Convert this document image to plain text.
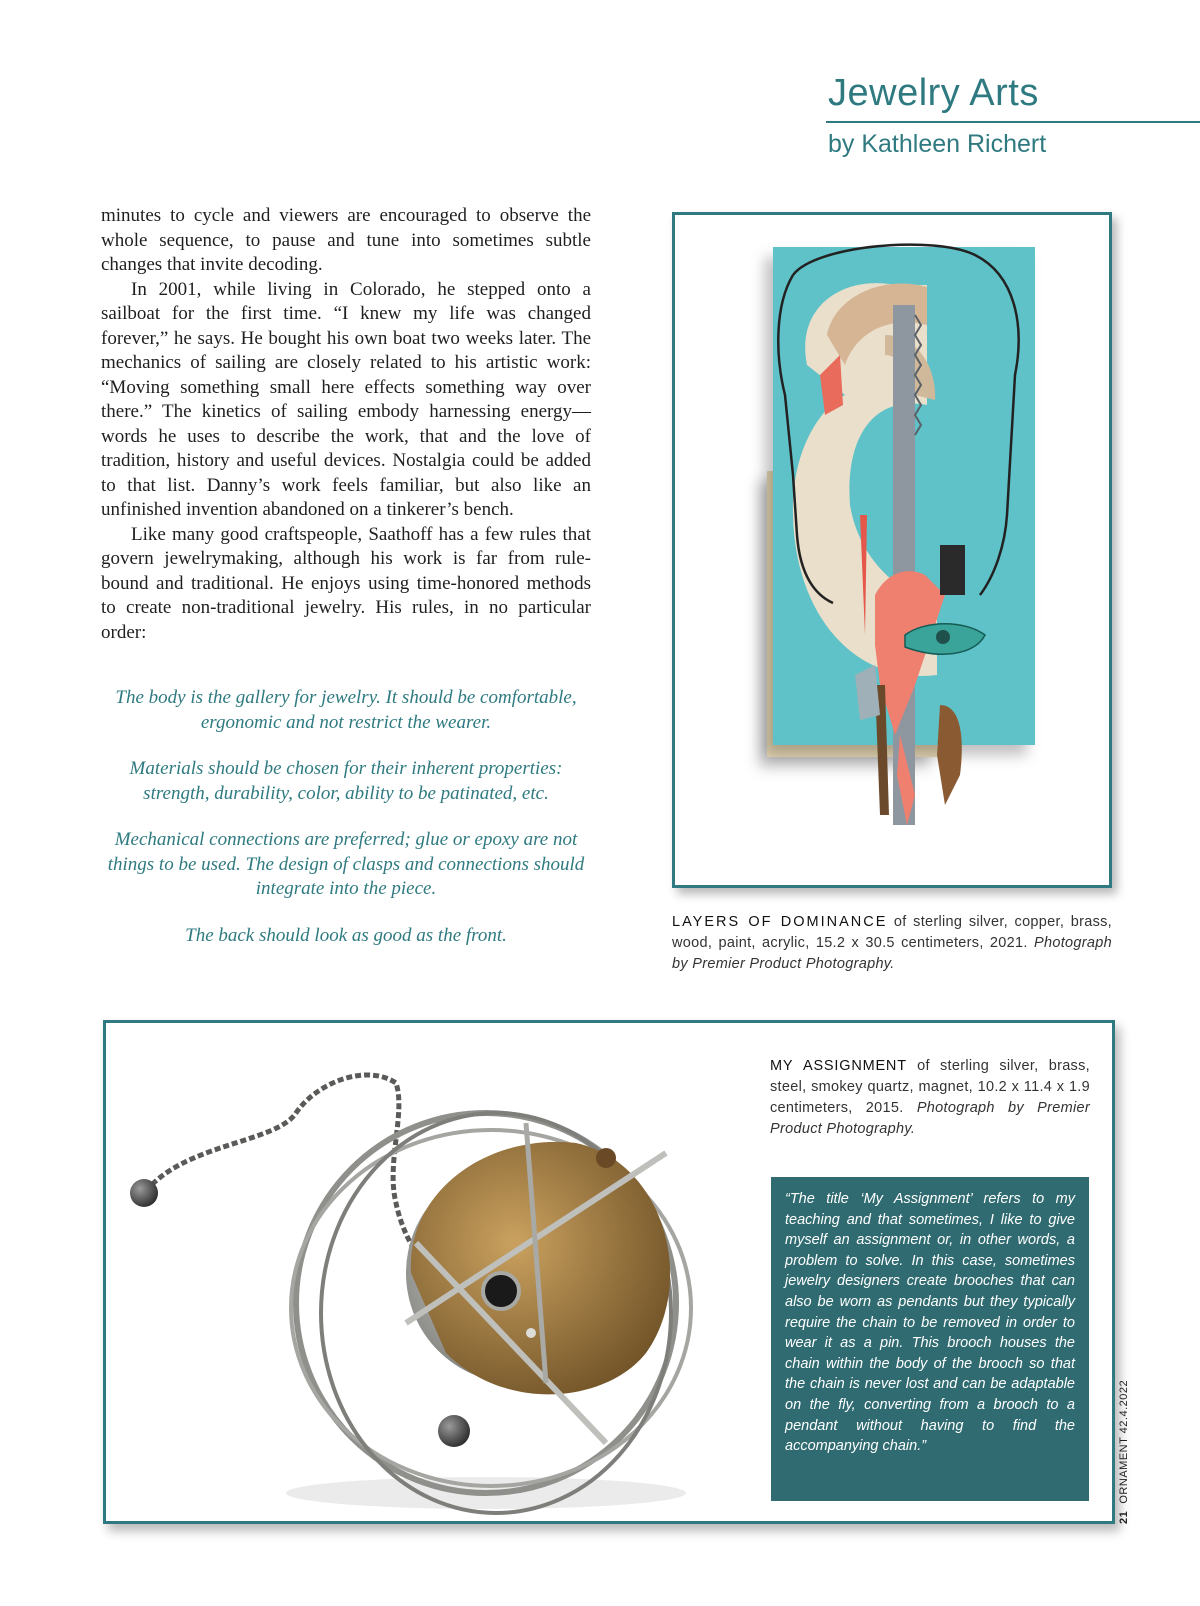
Jewelry Arts
by Kathleen Richert

minutes to cycle and viewers are encouraged to observe the whole sequence, to pause and tune into sometimes subtle changes that invite decoding.

In 2001, while living in Colorado, he stepped onto a sailboat for the first time. “I knew my life was changed forever,” he says. He bought his own boat two weeks later. The mechanics of sailing are closely related to his artistic work: “Moving something small here effects something way over there.” The kinetics of sailing embody harnessing energy—words he uses to describe the work, that and the love of tradition, history and useful devices. Nostalgia could be added to that list. Danny’s work feels familiar, but also like an unfinished invention abandoned on a tinkerer’s bench.

Like many good craftspeople, Saathoff has a few rules that govern jewelrymaking, although his work is far from rule-bound and traditional. He enjoys using time-honored methods to create non-traditional jewelry. His rules, in no particular order:

The body is the gallery for jewelry. It should be comfortable, ergonomic and not restrict the wearer.

Materials should be chosen for their inherent properties: strength, durability, color, ability to be patinated, etc.

Mechanical connections are preferred; glue or epoxy are not things to be used. The design of clasps and connections should integrate into the piece.

The back should look as good as the front.

LAYERS OF DOMINANCE of sterling silver, copper, brass, wood, paint, acrylic, 15.2 x 30.5 centimeters, 2021. Photograph by Premier Product Photography.
MY ASSIGNMENT of sterling silver, brass, steel, smokey quartz, magnet, 10.2 x 11.4 x 1.9 centimeters, 2015. Photograph by Premier Product Photography.

“The title ‘My Assignment’ refers to my teaching and that sometimes, I like to give myself an assignment or, in other words, a problem to solve. In this case, sometimes jewelry designers create brooches that can also be worn as pendants but they typically require the chain to be removed in order to wear it as a pin. This brooch houses the chain within the body of the brooch so that the chain is never lost and can be adaptable on the fly, converting from a brooch to a pendant without having to find the accompanying chain.”

21  ORNAMENT 42.4.2022
